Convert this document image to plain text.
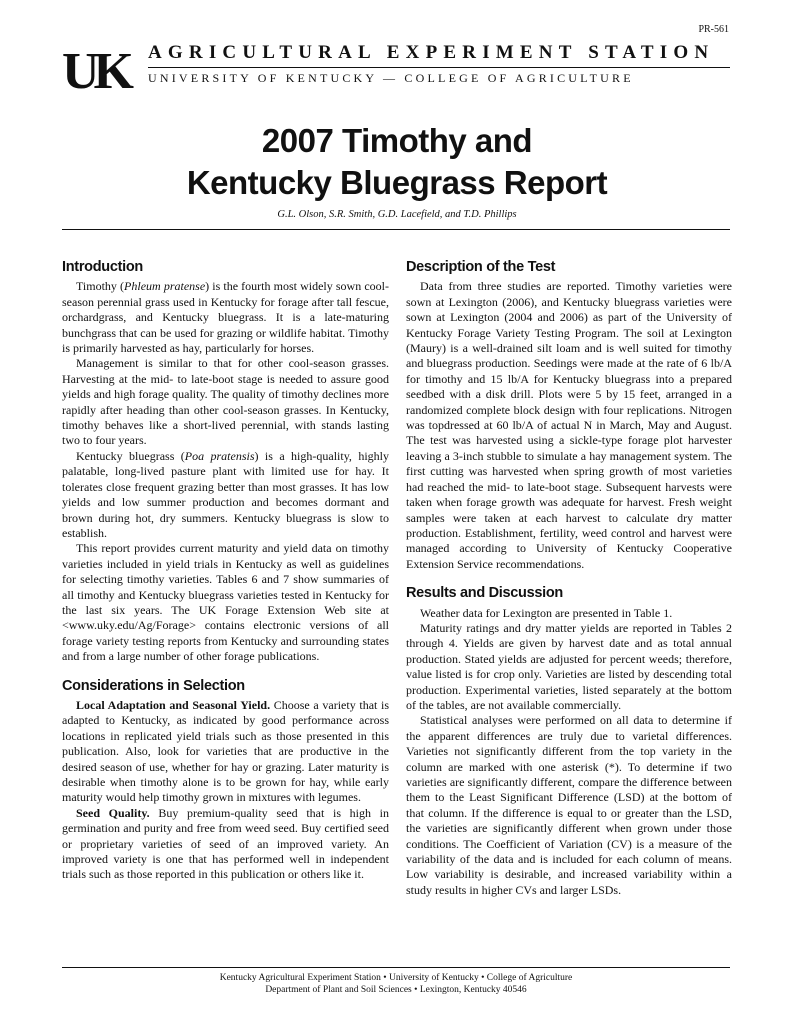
PR-561
UK	AGRICULTURAL EXPERIMENT STATION
UNIVERSITY OF KENTUCKY — COLLEGE OF AGRICULTURE
2007 Timothy and
Kentucky Bluegrass Report
G.L. Olson, S.R. Smith, G.D. Lacefield, and T.D. Phillips
Introduction

Timothy (Phleum pratense) is the fourth most widely sown cool-season perennial grass used in Kentucky for forage after tall fescue, orchardgrass, and Kentucky bluegrass. It is a late-maturing bunchgrass that can be used for grazing or wildlife habitat. Timothy is primarily harvested as hay, particularly for horses.

Management is similar to that for other cool-season grasses. Harvesting at the mid- to late-boot stage is needed to assure good yields and high forage quality. The quality of timothy declines more rapidly after heading than other cool-season grasses. In Kentucky, timothy behaves like a short-lived perennial, with stands lasting two to four years.

Kentucky bluegrass (Poa pratensis) is a high-quality, highly palatable, long-lived pasture plant with limited use for hay. It tolerates close frequent grazing better than most grasses. It has low yields and low summer production and becomes dormant and brown during hot, dry summers. Kentucky bluegrass is slow to establish.

This report provides current maturity and yield data on timothy varieties included in yield trials in Kentucky as well as guidelines for selecting timothy varieties. Tables 6 and 7 show summaries of all timothy and Kentucky bluegrass varieties tested in Kentucky for the last six years. The UK Forage Extension Web site at <www.uky.edu/Ag/Forage> contains electronic versions of all forage variety testing reports from Kentucky and surrounding states and from a large number of other forage publications.

Considerations in Selection

Local Adaptation and Seasonal Yield. Choose a variety that is adapted to Kentucky, as indicated by good performance across locations in replicated yield trials such as those presented in this publication. Also, look for varieties that are productive in the desired season of use, whether for hay or grazing. Later maturity is desirable when timothy alone is to be grown for hay, while early maturity would help timothy grown in mixtures with legumes.

Seed Quality. Buy premium-quality seed that is high in germination and purity and free from weed seed. Buy certified seed or proprietary varieties of seed of an improved variety. An improved variety is one that has performed well in independent trials such as those reported in this publication or others like it.

Description of the Test

Data from three studies are reported. Timothy varieties were sown at Lexington (2006), and Kentucky bluegrass varieties were sown at Lexington (2004 and 2006) as part of the University of Kentucky Forage Variety Testing Program. The soil at Lexington (Maury) is a well-drained silt loam and is well suited for timothy and bluegrass production. Seedings were made at the rate of 6 lb/A for timothy and 15 lb/A for Kentucky bluegrass into a prepared seedbed with a disk drill. Plots were 5 by 15 feet, arranged in a randomized complete block design with four replications. Nitrogen was topdressed at 60 lb/A of actual N in March, May and August. The test was harvested using a sickle-type forage plot harvester leaving a 3-inch stubble to simulate a hay management system. The first cutting was harvested when spring growth of most varieties had reached the mid- to late-boot stage. Subsequent harvests were taken when forage growth was adequate for harvest. Fresh weight samples were taken at each harvest to calculate dry matter production. Establishment, fertility, weed control and harvest were managed according to University of Kentucky Cooperative Extension Service recommendations.

Results and Discussion

Weather data for Lexington are presented in Table 1.

Maturity ratings and dry matter yields are reported in Tables 2 through 4. Yields are given by harvest date and as total annual production. Stated yields are adjusted for percent weeds; therefore, value listed is for crop only. Varieties are listed by descending total production. Experimental varieties, listed separately at the bottom of the tables, are not available commercially.

Statistical analyses were performed on all data to determine if the apparent differences are truly due to varietal differences. Varieties not significantly different from the top variety in the column are marked with one asterisk (*). To determine if two varieties are significantly different, compare the difference between them to the Least Significant Difference (LSD) at the bottom of that column. If the difference is equal to or greater than the LSD, the varieties are significantly different when grown under those conditions. The Coefficient of Variation (CV) is a measure of the variability of the data and is included for each column of means. Low variability is desirable, and increased variability within a study results in higher CVs and larger LSDs.

Kentucky Agricultural Experiment Station • University of Kentucky • College of Agriculture
Department of Plant and Soil Sciences • Lexington, Kentucky 40546
